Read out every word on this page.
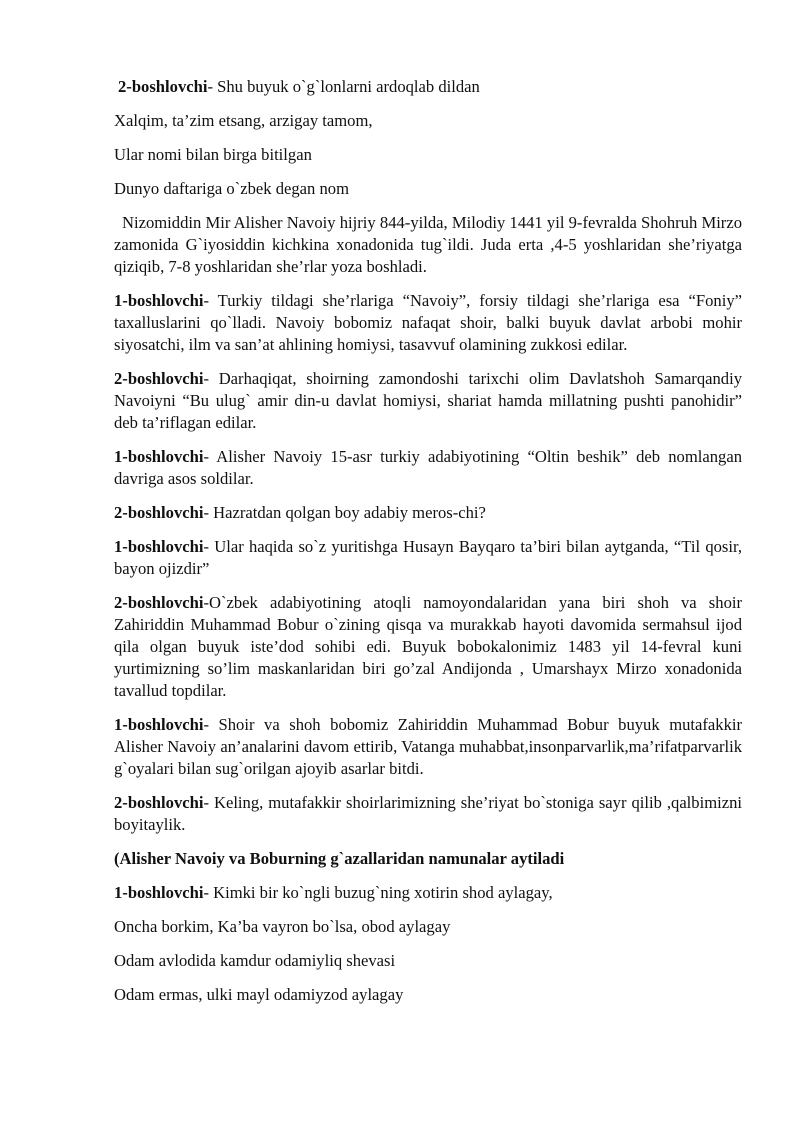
2-boshlovchi- Shu buyuk o`g`lonlarni ardoqlab dildan

Xalqim, ta’zim etsang, arzigay tamom,

Ular nomi bilan birga bitilgan

Dunyo daftariga o`zbek degan nom

Nizomiddin Mir Alisher Navoiy hijriy 844-yilda, Milodiy 1441 yil 9-fevralda Shohruh Mirzo zamonida G`iyosiddin kichkina xonadonida tug`ildi. Juda erta ,4-5 yoshlaridan she’riyatga qiziqib, 7-8 yoshlaridan she’rlar yoza boshladi.

1-boshlovchi- Turkiy tildagi she’rlariga “Navoiy”, forsiy tildagi she’rlariga esa “Foniy” taxalluslarini qo`lladi. Navoiy bobomiz nafaqat shoir, balki buyuk davlat arbobi mohir siyosatchi, ilm va san’at ahlining homiysi, tasavvuf olamining zukkosi edilar.

2-boshlovchi- Darhaqiqat, shoirning zamondoshi tarixchi olim Davlatshoh Samarqandiy Navoiyni “Bu ulug` amir din-u davlat homiysi, shariat hamda millatning pushti panohidir” deb ta’riflagan edilar.

1-boshlovchi- Alisher Navoiy 15-asr turkiy adabiyotining “Oltin beshik” deb nomlangan davriga asos soldilar.

2-boshlovchi- Hazratdan qolgan boy adabiy meros-chi?

1-boshlovchi- Ular haqida so`z yuritishga Husayn Bayqaro ta’biri bilan aytganda, “Til qosir, bayon ojizdir”

2-boshlovchi-O`zbek adabiyotining atoqli namoyondalaridan yana biri shoh va shoir Zahiriddin Muhammad Bobur o`zining qisqa va murakkab hayoti davomida sermahsul ijod qila olgan buyuk iste’dod sohibi edi. Buyuk bobokalonimiz 1483 yil 14-fevral kuni yurtimizning so’lim maskanlaridan biri go’zal Andijonda , Umarshayx Mirzo xonadonida tavallud topdilar.

1-boshlovchi- Shoir va shoh bobomiz Zahiriddin Muhammad Bobur buyuk mutafakkir Alisher Navoiy an’analarini davom ettirib, Vatanga muhabbat,insonparvarlik,ma’rifatparvarlik g`oyalari bilan sug`orilgan ajoyib asarlar bitdi.

2-boshlovchi- Keling, mutafakkir shoirlarimizning she’riyat bo`stoniga sayr qilib ,qalbimizni boyitaylik.

(Alisher Navoiy va Boburning g`azallaridan namunalar aytiladi

1-boshlovchi- Kimki bir ko`ngli buzug`ning xotirin shod aylagay,

Oncha borkim, Ka’ba vayron bo`lsa, obod aylagay

Odam avlodida kamdur odamiyliq shevasi

Odam ermas, ulki mayl odamiyzod aylagay
